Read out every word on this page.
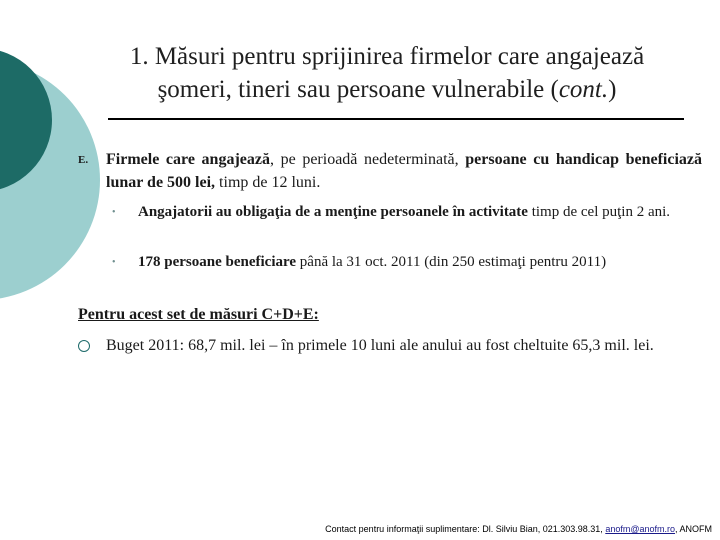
1. Măsuri pentru sprijinirea firmelor care angajează
şomeri, tineri sau persoane vulnerabile (cont.)
E. Firmele care angajează, pe perioadă nedeterminată, persoane cu handicap beneficiază lunar de 500 lei, timp de 12 luni.
• Angajatorii au obligaţia de a menţine persoanele în activitate timp de cel puţin 2 ani.
• 178 persoane beneficiare până la 31 oct. 2011 (din 250 estimaţi pentru 2011)
Pentru acest set de măsuri C+D+E:
Buget 2011: 68,7 mil. lei – în primele 10 luni ale anului au fost cheltuite 65,3 mil. lei.
Contact pentru informaţii suplimentare: Dl. Silviu Bian, 021.303.98.31, anofm@anofm.ro, ANOFM
